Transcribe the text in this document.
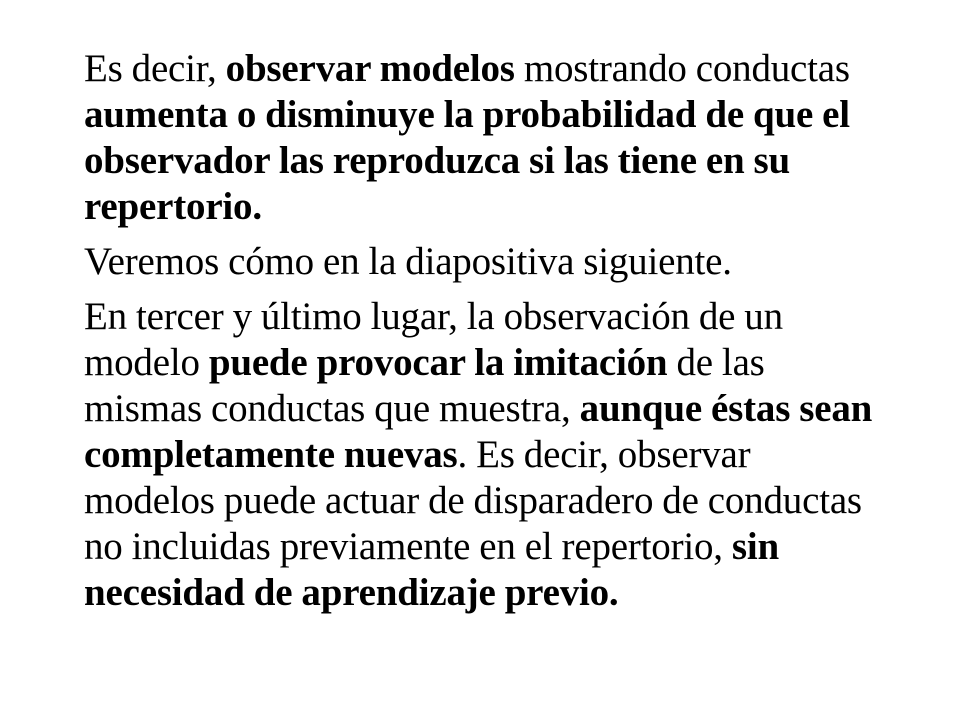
Es decir, observar modelos mostrando conductas aumenta o disminuye la probabilidad de que el observador las reproduzca si las tiene en su repertorio.

Veremos cómo en la diapositiva siguiente.

En tercer y último lugar, la observación de un modelo puede provocar la imitación de las mismas conductas que muestra, aunque éstas sean completamente nuevas. Es decir, observar modelos puede actuar de disparadero de conductas no incluidas previamente en el repertorio, sin necesidad de aprendizaje previo.
